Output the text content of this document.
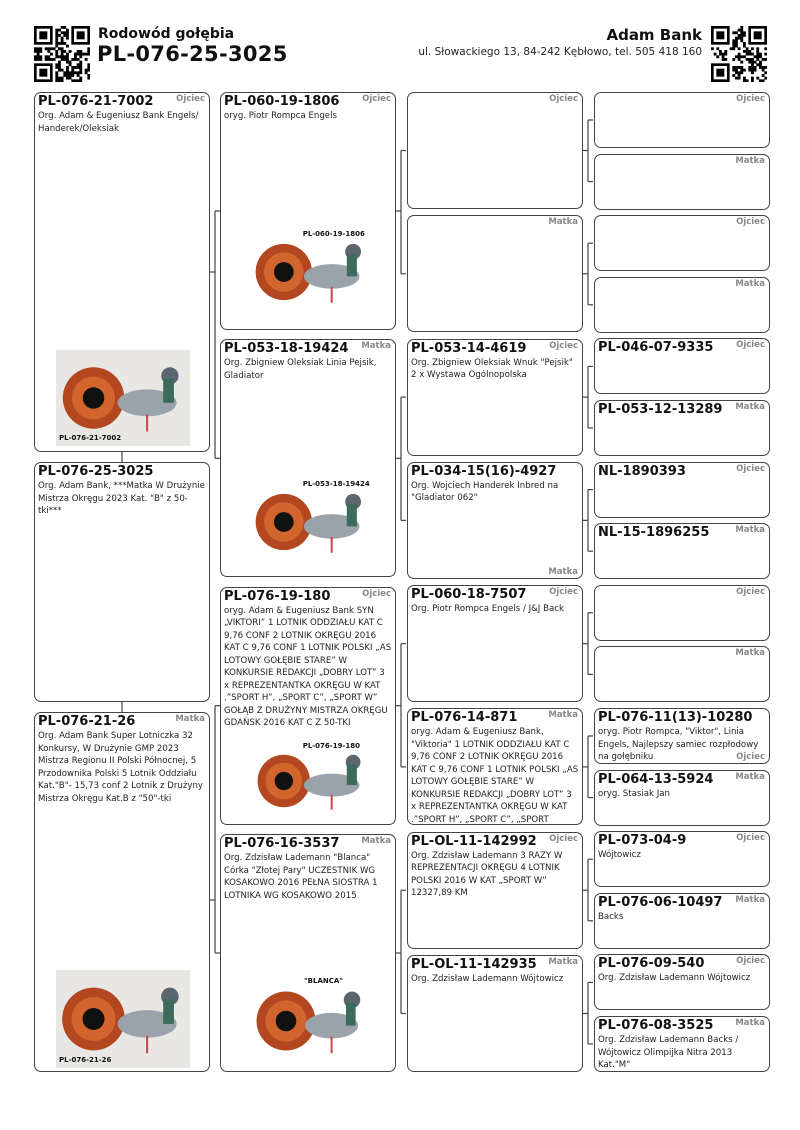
Rodowód gołębia
PL-076-25-3025
Adam Bank
ul. Słowackiego 13, 84-242 Kębłowo, tel. 505 418 160
PL-076-21-7002	Ojciec
Org. Adam & Eugeniusz Bank Engels/ Handerek/Oleksiak
PL-076-25-3025
Org. Adam Bank, ***Matka W Drużynie Mistrza Okręgu 2023 Kat. "B" z 50-tki***
PL-076-21-26	Matka
Org. Adam Bank Super Lotniczka 32 Konkursy, W Drużynie GMP 2023 Mistrza Regionu II Polski Północnej, 5 Przodownika Polski 5 Lotnik Oddziału Kat."B"- 15,73 conf 2 Lotnik z Drużyny Mistrza Okręgu Kat.B z "50"-tki
PL-060-19-1806	Ojciec
oryg. Piotr Rompca Engels
PL-053-18-19424	Matka
Org. Zbigniew Oleksiak Linia Pejsik, Gladiator
PL-076-19-180	Ojciec
oryg. Adam & Eugeniusz Bank SYN „VIKTORI” 1 LOTNIK ODDZIAŁU KAT C 9,76 CONF 2 LOTNIK OKRĘGU 2016 KAT C 9,76 CONF 1 LOTNIK POLSKI „AS LOTOWY GOŁĘBIE STARE” W KONKURSIE REDAKCJI „DOBRY LOT” 3 x REPREZENTANTKA OKRĘGU W KAT .”SPORT H”, „SPORT C”, „SPORT W” GOŁĄB Z DRUŻYNY MISTRZA OKRĘGU GDAŃSK 2016 KAT C Z 50-TKI
PL-076-16-3537	Matka
Org. Zdzisław Lademann "Blanca" Córka "Złotej Pary" UCZESTNIK WG KOSAKOWO 2016 PEŁNA SIOSTRA 1 LOTNIKA WG KOSAKOWO 2015
Ojciec
Matka
PL-053-14-4619	Ojciec
Org. Zbigniew Oleksiak Wnuk "Pejsik" 2 x Wystawa Ogólnopolska
PL-034-15(16)-4927
Matka
Org. Wojciech Handerek Inbred na "Gladiator 062"
PL-060-18-7507	Ojciec
Org. Piotr Rompca Engels / J&J Back
PL-076-14-871	Matka
oryg. Adam & Eugeniusz Bank, "Viktoria" 1 LOTNIK ODDZIAŁU KAT C 9,76 CONF 2 LOTNIK OKRĘGU 2016 KAT C 9,76 CONF 1 LOTNIK POLSKI „AS LOTOWY GOŁĘBIE STARE” W KONKURSIE REDAKCJI „DOBRY LOT” 3 x REPREZENTANTKA OKRĘGU W KAT .”SPORT H”, „SPORT C”, „SPORT
PL-OL-11-142992	Ojciec
Org. Zdzisław Lademann 3 RAZY W REPREZENTACJI OKRĘGU 4 LOTNIK POLSKI 2016 W KAT „SPORT W” 12327,89 KM
PL-OL-11-142935	Matka
Org. Zdzisław Lademann Wójtowicz
Ojciec
Matka
Ojciec
Matka
PL-046-07-9335	Ojciec
PL-053-12-13289	Matka
NL-1890393	Ojciec
NL-15-1896255	Matka
Ojciec
Matka
PL-076-11(13)-10280
Ojciec
oryg. Piotr Rompca, "Viktor", Linia Engels, Najlepszy samiec rozpłodowy na gołębniku
PL-064-13-5924	Matka
oryg. Stasiak Jan
PL-073-04-9	Ojciec
Wójtowicz
PL-076-06-10497	Matka
Backs
PL-076-09-540	Ojciec
Org. Zdzisław Lademann Wójtowicz
PL-076-08-3525	Matka
Org. Zdzisław Lademann Backs / Wójtowicz Olimpijka Nitra 2013 Kat."M"
PL-076-21-7002
PL-076-21-26
PL-060-19-1806
PL-053-18-19424
PL-076-19-180
"BLANCA"
